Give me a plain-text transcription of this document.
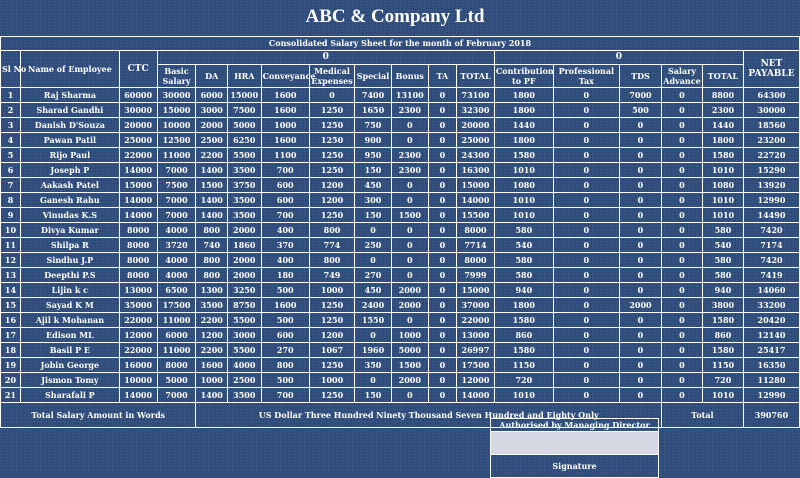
ABC & Company Ltd
Consolidated Salary Sheet for the month of February 2018																	
Sl No	Name of Employee	CTC	0									0					NET PAYABLE
			Basic Salary	DA	HRA	Conveyance	Medical Expenses	Special	Bonus	TA	TOTAL	Contribution to PF	Professional Tax	TDS	Salary Advance	TOTAL	
1	Raj Sharma	60000	30000	6000	15000	1600	0	7400	13100	0	73100	1800	0	7000	0	8800	64300
2	Sharad Gandhi	30000	15000	3000	7500	1600	1250	1650	2300	0	32300	1800	0	500	0	2300	30000
3	Danish D'Souza	20000	10000	2000	5000	1000	1250	750	0	0	20000	1440	0	0	0	1440	18560
4	Pawan Patil	25000	12500	2500	6250	1600	1250	900	0	0	25000	1800	0	0	0	1800	23200
5	Rijo Paul	22000	11000	2200	5500	1100	1250	950	2300	0	24300	1580	0	0	0	1580	22720
6	Joseph P	14000	7000	1400	3500	700	1250	150	2300	0	16300	1010	0	0	0	1010	15290
7	Aakash Patel	15000	7500	1500	3750	600	1200	450	0	0	15000	1080	0	0	0	1080	13920
8	Ganesh Rahu	14000	7000	1400	3500	600	1200	300	0	0	14000	1010	0	0	0	1010	12990
9	Vinudas K.S	14000	7000	1400	3500	700	1250	150	1500	0	15500	1010	0	0	0	1010	14490
10	Divya Kumar	8000	4000	800	2000	400	800	0	0	0	8000	580	0	0	0	580	7420
11	Shilpa R	8000	3720	740	1860	370	774	250	0	0	7714	540	0	0	0	540	7174
12	Sindhu J.P	8000	4000	800	2000	400	800	0	0	0	8000	580	0	0	0	580	7420
13	Deepthi P.S	8000	4000	800	2000	180	749	270	0	0	7999	580	0	0	0	580	7419
14	Lijin k c	13000	6500	1300	3250	500	1000	450	2000	0	15000	940	0	0	0	940	14060
15	Sayad K M	35000	17500	3500	8750	1600	1250	2400	2000	0	37000	1800	0	2000	0	3800	33200
16	Ajil k Mohanan	22000	11000	2200	5500	500	1250	1550	0	0	22000	1580	0	0	0	1580	20420
17	Edison ML	12000	6000	1200	3000	600	1200	0	1000	0	13000	860	0	0	0	860	12140
18	Basil P E	22000	11000	2200	5500	270	1067	1960	5000	0	26997	1580	0	0	0	1580	25417
19	Jobin George	16000	8000	1600	4000	800	1250	350	1500	0	17500	1150	0	0	0	1150	16350
20	Jismon Tomy	10000	5000	1000	2500	500	1000	0	2000	0	12000	720	0	0	0	720	11280
21	Sharafali P	14000	7000	1400	3500	700	1250	150	0	0	14000	1010	0	0	0	1010	12990
Total Salary Amount in Words				US Dollar Three Hundred Ninety Thousand Seven Hundred and Eighty Only											Total		390760
Authorised by Managing Director
Signature
